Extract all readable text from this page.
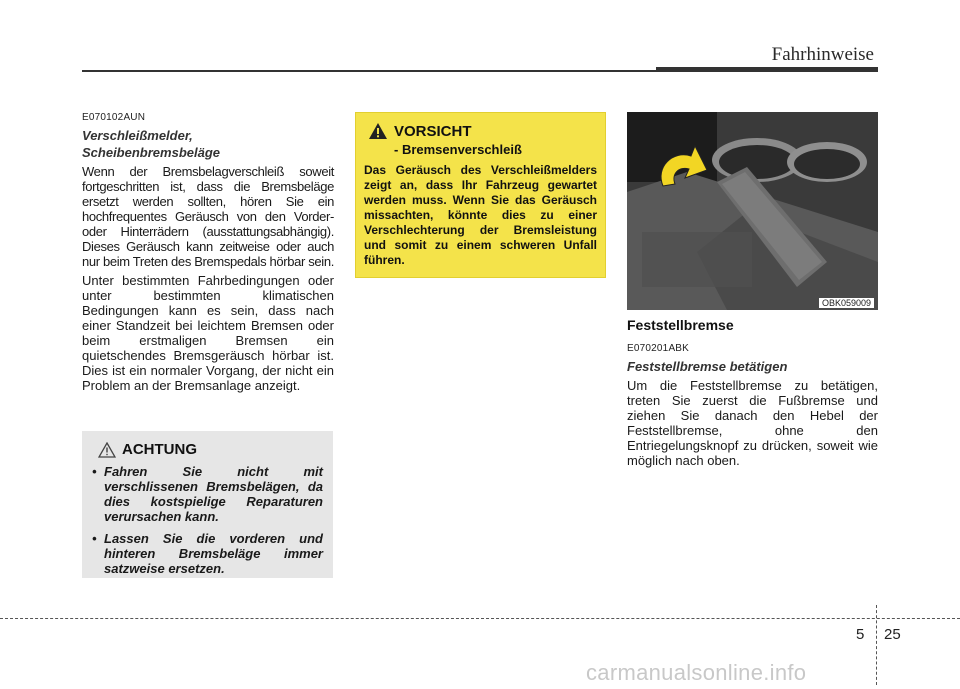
Fahrhinweise

E070102AUN

Verschleißmelder,

Scheibenbremsbeläge

Wenn der Bremsbelagverschleiß soweit fortgeschritten ist, dass die Bremsbeläge ersetzt werden sollten, hören Sie ein hochfrequentes Geräusch von den Vorder- oder Hinterrädern (ausstattungsabhängig). Dieses Geräusch kann zeitweise oder auch nur beim Treten des Bremspedals hörbar sein.

Unter bestimmten Fahrbedingungen oder unter bestimmten klimatischen Bedingungen kann es sein, dass nach einer Standzeit bei leichtem Bremsen oder beim erstmaligen Bremsen ein quietschendes Bremsgeräusch hörbar ist. Dies ist ein normaler Vorgang, der nicht ein Problem an der Bremsanlage anzeigt.

ACHTUNG
• Fahren Sie nicht mit verschlissenen Bremsbelägen, da dies kostspielige Reparaturen verursachen kann.
• Lassen Sie die vorderen und hinteren Bremsbeläge immer satzweise ersetzen.
VORSICHT
- Bremsenverschleiß
Das Geräusch des Verschleißmelders zeigt an, dass Ihr Fahrzeug gewartet werden muss. Wenn Sie das Geräusch missachten, könnte dies zu einer Verschlechterung der Bremsleistung und somit zu einem schweren Unfall führen.
OBK059009

Feststellbremse

E070201ABK

Feststellbremse betätigen

Um die Feststellbremse zu betätigen, treten Sie zuerst die Fußbremse und ziehen Sie danach den Hebel der Feststellbremse, ohne den Entriegelungsknopf zu drücken, soweit wie möglich nach oben.

5 25
carmanualsonline.info
